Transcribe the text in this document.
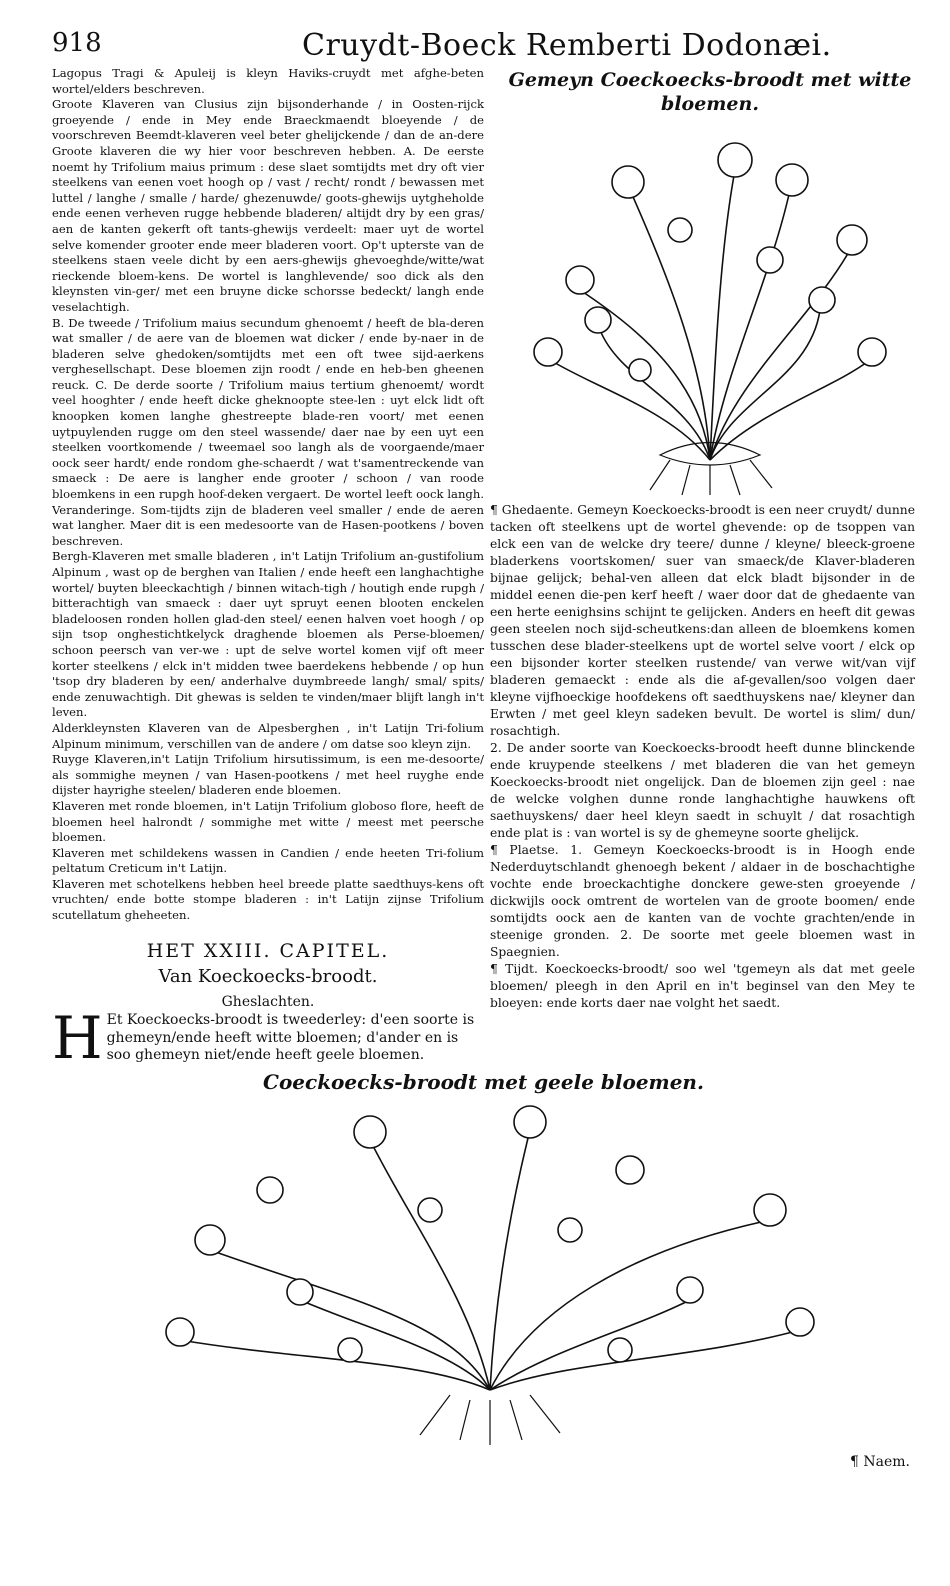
918	Cruydt-Boeck Remberti Dodonæi.

Lagopus Tragi & Apuleij is kleyn Haviks-cruydt met afghe-beten wortel/elders beschreven.

Groote Klaveren van Clusius zijn bijsonderhande / in Oosten-rijck groeyende / ende in Mey ende Braeckmaendt bloeyende / de voorschreven Beemdt-klaveren veel beter ghelijckende / dan de an-dere Groote klaveren die wy hier voor beschreven hebben. A. De eerste noemt hy Trifolium maius primum : dese slaet somtijdts met dry oft vier steelkens van eenen voet hoogh op / vast / recht/ rondt / bewassen met luttel / langhe / smalle / harde/ ghezenuwde/ goots-ghewijs uytgheholde ende eenen verheven rugge hebbende bladeren/ altijdt dry by een gras/ aen de kanten gekerft oft tants-ghewijs verdeelt: maer uyt de wortel selve komender grooter ende meer bladeren voort. Op't upterste van de steelkens staen veele dicht by een aers-ghewijs ghevoeghde/witte/wat rieckende bloem-kens. De wortel is langhlevende/ soo dick als den kleynsten vin-ger/ met een bruyne dicke schorsse bedeckt/ langh ende veselachtigh.

B. De tweede / Trifolium maius secundum ghenoemt / heeft de bla-deren wat smaller / de aere van de bloemen wat dicker / ende by-naer in de bladeren selve ghedoken/somtijdts met een oft twee sijd-aerkens verghesellschapt. Dese bloemen zijn roodt / ende en heb-ben gheenen reuck. C. De derde soorte / Trifolium maius tertium ghenoemt/ wordt veel hooghter / ende heeft dicke gheknoopte stee-len : uyt elck lidt oft knoopken komen langhe ghestreepte blade-ren voort/ met eenen uytpuylenden rugge om den steel wassende/ daer nae by een uyt een steelken voortkomende / tweemael soo langh als de voorgaende/maer oock seer hardt/ ende rondom ghe-schaerdt / wat t'samentreckende van smaeck : De aere is langher ende grooter / schoon / van roode bloemkens in een rupgh hoof-deken vergaert. De wortel leeft oock langh. Veranderinge. Som-tijdts zijn de bladeren veel smaller / ende de aeren wat langher. Maer dit is een medesoorte van de Hasen-pootkens / boven beschreven.

Bergh-Klaveren met smalle bladeren , in't Latijn Trifolium an-gustifolium Alpinum , wast op de berghen van Italien / ende heeft een langhachtighe wortel/ buyten bleeckachtigh / binnen witach-tigh / houtigh ende rupgh / bitterachtigh van smaeck : daer uyt spruyt eenen blooten enckelen bladeloosen ronden hollen glad-den steel/ eenen halven voet hoogh / op sijn tsop onghestichtkelyck draghende bloemen als Perse-bloemen/ schoon peersch van ver-we : upt de selve wortel komen vijf oft meer korter steelkens / elck in't midden twee baerdekens hebbende / op hun 'tsop dry bladeren by een/ anderhalve duymbreede langh/ smal/ spits/ ende zenuwachtigh. Dit ghewas is selden te vinden/maer blijft langh in't leven.

Alderkleynsten Klaveren van de Alpesberghen , in't Latijn Tri-folium Alpinum minimum, verschillen van de andere / om datse soo kleyn zijn.

Ruyge Klaveren,in't Latijn Trifolium hirsutissimum, is een me-desoorte/ als sommighe meynen / van Hasen-pootkens / met heel ruyghe ende dijster hayrighe steelen/ bladeren ende bloemen.

Klaveren met ronde bloemen, in't Latijn Trifolium globoso flore, heeft de bloemen heel halrondt / sommighe met witte / meest met peersche bloemen.

Klaveren met schildekens wassen in Candien / ende heeten Tri-folium peltatum Creticum in't Latijn.

Klaveren met schotelkens hebben heel breede platte saedthuys-kens oft vruchten/ ende botte stompe bladeren : in't Latijn zijnse Trifolium scutellatum gheheeten.

HET XXIII. CAPITEL.
Van Koeckoecks-broodt.
Gheslachten.
H Et Koeckoecks-broodt is tweederley: d'een soorte is ghemeyn/ende heeft witte bloemen; d'ander en is soo ghemeyn niet/ende heeft geele bloemen.
Gemeyn Coeckoecks-broodt met witte bloemen.

¶ Ghedaente. Gemeyn Koeckoecks-broodt is een neer cruydt/ dunne tacken oft steelkens upt de wortel ghevende: op de tsoppen van elck een van de welcke dry teere/ dunne / kleyne/ bleeck-groene bladerkens voortskomen/ suer van smaeck/de Klaver-bladeren bijnae gelijck; behal-ven alleen dat elck bladt bijsonder in de middel eenen die-pen kerf heeft / waer door dat de ghedaente van een herte eenighsins schijnt te gelijcken. Anders en heeft dit gewas geen steelen noch sijd-scheutkens:dan alleen de bloemkens komen tusschen dese blader-steelkens upt de wortel selve voort / elck op een bijsonder korter steelken rustende/ van verwe wit/van vijf bladeren gemaeckt : ende als die af-gevallen/soo volgen daer kleyne vijfhoeckige hoofdekens oft saedthuyskens nae/ kleyner dan Erwten / met geel kleyn sadeken bevult. De wortel is slim/ dun/ rosachtigh.

2. De ander soorte van Koeckoecks-broodt heeft dunne blinckende ende kruypende steelkens / met bladeren die van het gemeyn Koeckoecks-broodt niet ongelijck. Dan de bloemen zijn geel : nae de welcke volghen dunne ronde langhachtighe hauwkens oft saethuyskens/ daer heel kleyn saedt in schuylt / dat rosachtigh ende plat is : van wortel is sy de ghemeyne soorte ghelijck.

¶ Plaetse. 1. Gemeyn Koeckoecks-broodt is in Hoogh ende Nederduytschlandt ghenoegh bekent / aldaer in de boschachtighe vochte ende broeckachtighe donckere gewe-sten groeyende / dickwijls oock omtrent de wortelen van de groote boomen/ ende somtijdts oock aen de kanten van de vochte grachten/ende in steenige gronden. 2. De soorte met geele bloemen wast in Spaegnien.

¶ Tijdt. Koeckoecks-broodt/ soo wel 'tgemeyn als dat met geele bloemen/ pleegh in den April en in't beginsel van den Mey te bloeyen: ende korts daer nae volght het saedt.

Coeckoecks-broodt met geele bloemen.
¶ Naem.
